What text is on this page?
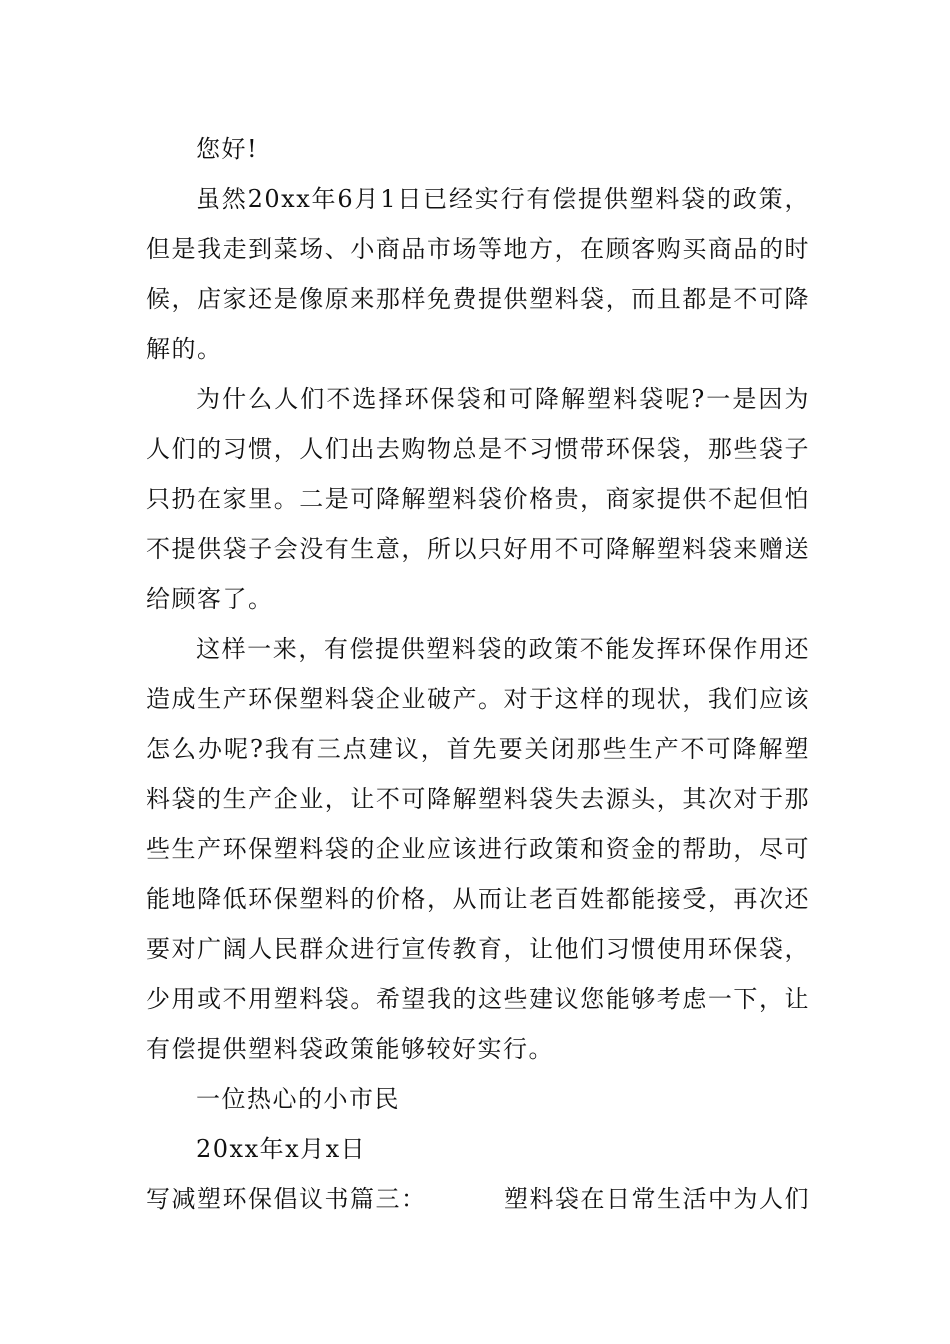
您好!

虽然20xx年6月1日已经实行有偿提供塑料袋的政策，但是我走到菜场、小商品市场等地方，在顾客购买商品的时候，店家还是像原来那样免费提供塑料袋，而且都是不可降解的。

为什么人们不选择环保袋和可降解塑料袋呢?一是因为人们的习惯，人们出去购物总是不习惯带环保袋，那些袋子只扔在家里。二是可降解塑料袋价格贵，商家提供不起但怕不提供袋子会没有生意，所以只好用不可降解塑料袋来赠送给顾客了。

这样一来，有偿提供塑料袋的政策不能发挥环保作用还造成生产环保塑料袋企业破产。对于这样的现状，我们应该怎么办呢?我有三点建议，首先要关闭那些生产不可降解塑料袋的生产企业，让不可降解塑料袋失去源头，其次对于那些生产环保塑料袋的企业应该进行政策和资金的帮助，尽可能地降低环保塑料的价格，从而让老百姓都能接受，再次还要对广阔人民群众进行宣传教育，让他们习惯使用环保袋，少用或不用塑料袋。希望我的这些建议您能够考虑一下，让有偿提供塑料袋政策能够较好实行。

一位热心的小市民

20xx年x月x日

写减塑环保倡议书篇三：	塑料袋在日常生活中为人们
